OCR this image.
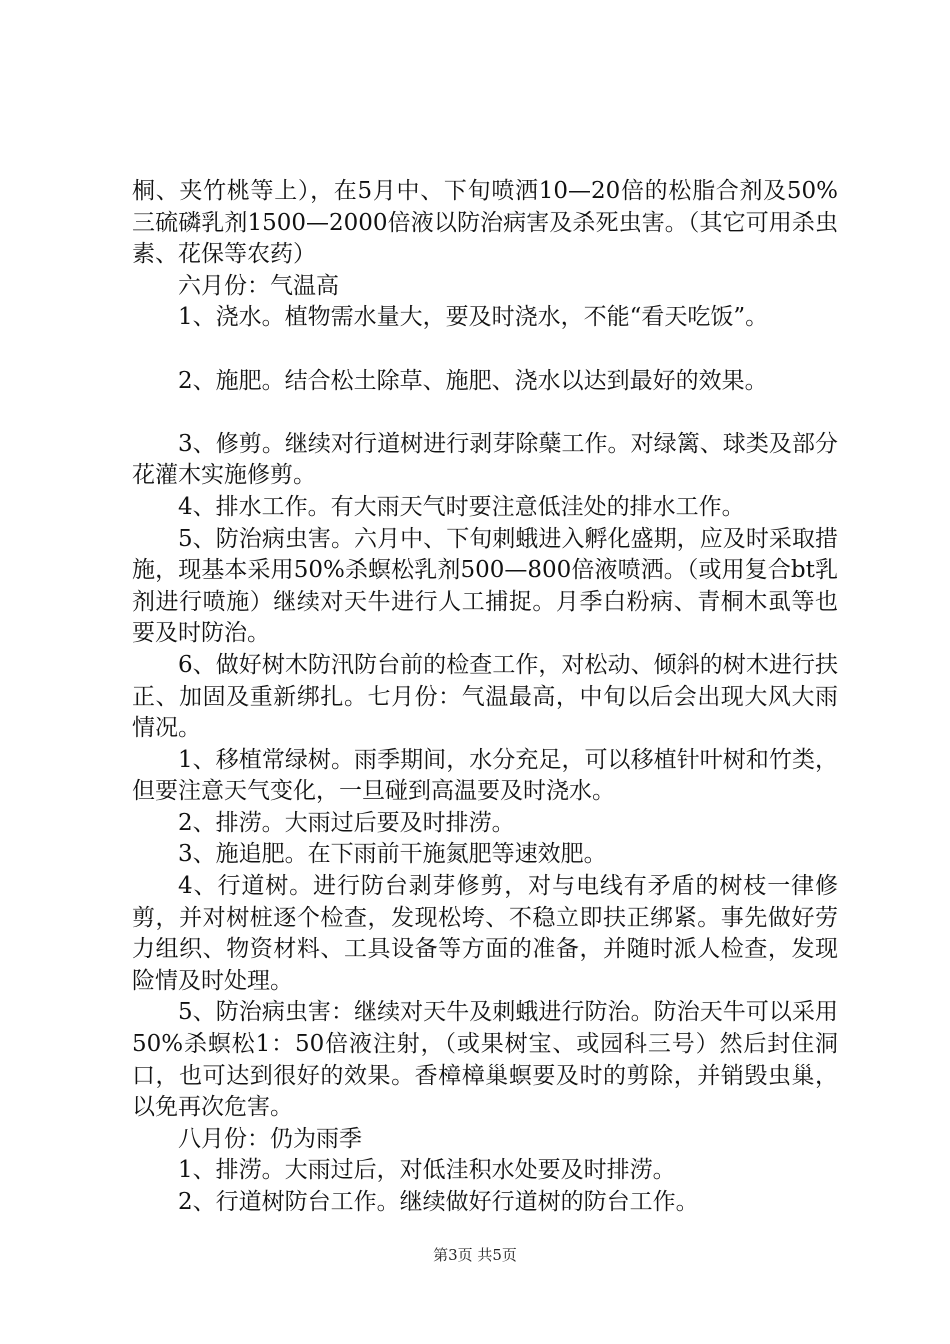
桐、夹竹桃等上），在5月中、下旬喷洒10—20倍的松脂合剂及50%三硫磷乳剂1500—2000倍液以防治病害及杀死虫害。（其它可用杀虫素、花保等农药）

六月份：气温高

1、浇水。植物需水量大，要及时浇水，不能“看天吃饭”。

2、施肥。结合松土除草、施肥、浇水以达到最好的效果。

3、修剪。继续对行道树进行剥芽除蘖工作。对绿篱、球类及部分花灌木实施修剪。

4、排水工作。有大雨天气时要注意低洼处的排水工作。

5、防治病虫害。六月中、下旬刺蛾进入孵化盛期，应及时采取措施，现基本采用50%杀螟松乳剂500—800倍液喷洒。（或用复合bt乳剂进行喷施）继续对天牛进行人工捕捉。月季白粉病、青桐木虱等也要及时防治。

6、做好树木防汛防台前的检查工作，对松动、倾斜的树木进行扶正、加固及重新绑扎。七月份：气温最高，中旬以后会出现大风大雨情况。

1、移植常绿树。雨季期间，水分充足，可以移植针叶树和竹类，但要注意天气变化，一旦碰到高温要及时浇水。

2、排涝。大雨过后要及时排涝。

3、施追肥。在下雨前干施氮肥等速效肥。

4、行道树。进行防台剥芽修剪，对与电线有矛盾的树枝一律修剪，并对树桩逐个检查，发现松垮、不稳立即扶正绑紧。事先做好劳力组织、物资材料、工具设备等方面的准备，并随时派人检查，发现险情及时处理。

5、防治病虫害：继续对天牛及刺蛾进行防治。防治天牛可以采用50%杀螟松1：50倍液注射，（或果树宝、或园科三号）然后封住洞口，也可达到很好的效果。香樟樟巢螟要及时的剪除，并销毁虫巢，以免再次危害。

八月份：仍为雨季

1、排涝。大雨过后，对低洼积水处要及时排涝。

2、行道树防台工作。继续做好行道树的防台工作。

第3页 共5页
